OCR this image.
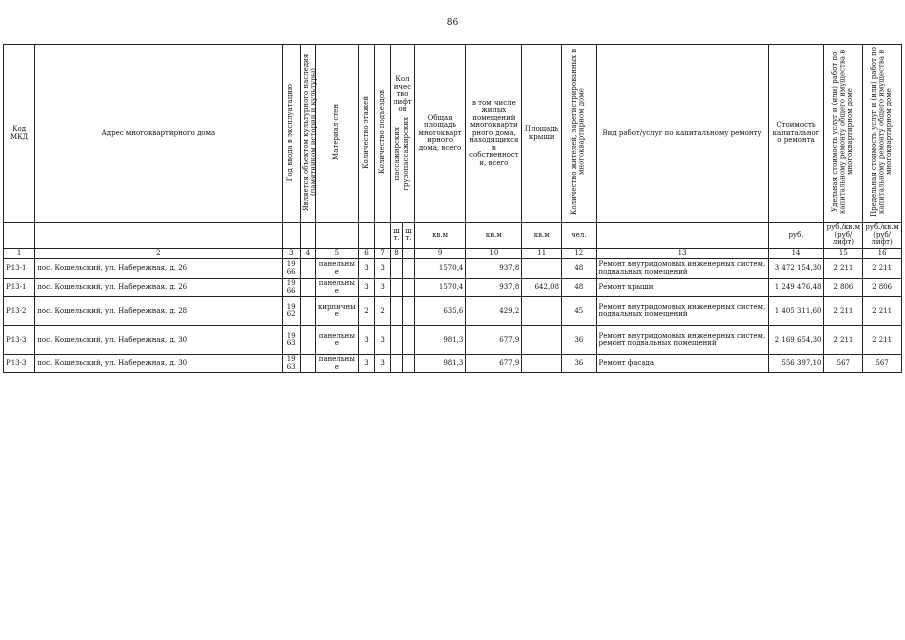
86
Код МКД	Адрес многоквартирного дома	Год ввода в эксплуатацию	Является объектом культурного наследия (памятником истории и культуры)	Материал стен	Количество этажей	Количество подъездов	Количество лифтов
пассажирских грузопассажирских		Общая площадь многоквартирного дома, всего	в том числе жилых помещений многоквартирного дома, находящихся в собственности, всего	Площадь крыши	Количество жителей, зарегистрированных в многоквартирном доме	Вид работ/услуг по капитальному ремонту	Стоимость капитального ремонта	Удельная стоимость услуг и (или) работ по капитальному ремонту общего имущества в многоквартирном доме	Предельная стоимость услуг и (или) работ по капитальному ремонту общего имущества в многоквартирном доме
							шт.	шт.	кв.м	кв.м	кв.м	чел.		руб.	руб./кв.м (руб/лифт)	руб./кв.м (руб/лифт)
1	2	3	4	5	6	7	8		9	10	11	12	13	14	15	16
Р13-1	пос. Кошельский, ул. Набережная, д. 26	1966		панельные	3	3			1570,4	937,8		48	Ремонт внутридомовых инженерных систем, подвальных помещений	3 472 154,30	2 211	2 211
Р13-1	пос. Кошельский, ул. Набережная, д. 26	1966		панельные	3	3			1570,4	937,8	642,08	48	Ремонт крыши	1 249 476,48	2 806	2 806
Р13-2	пос. Кошельский, ул. Набережная, д. 28	1962		кирпичные	2	2			635,6	429,2		45	Ремонт внутридомовых инженерных систем, подвальных помещений	1 405 311,60	2 211	2 211
Р13-3	пос. Кошельский, ул. Набережная, д. 30	1963		панельные	3	3			981,3	677,9		36	Ремонт внутридомовых инженерных систем, ремонт подвальных помещений	2 169 654,30	2 211	2 211
Р13-3	пос. Кошельский, ул. Набережная, д. 30	1963		панельные	3	3			981,3	677,9		36	Ремонт фасада	556 397,10	567	567
